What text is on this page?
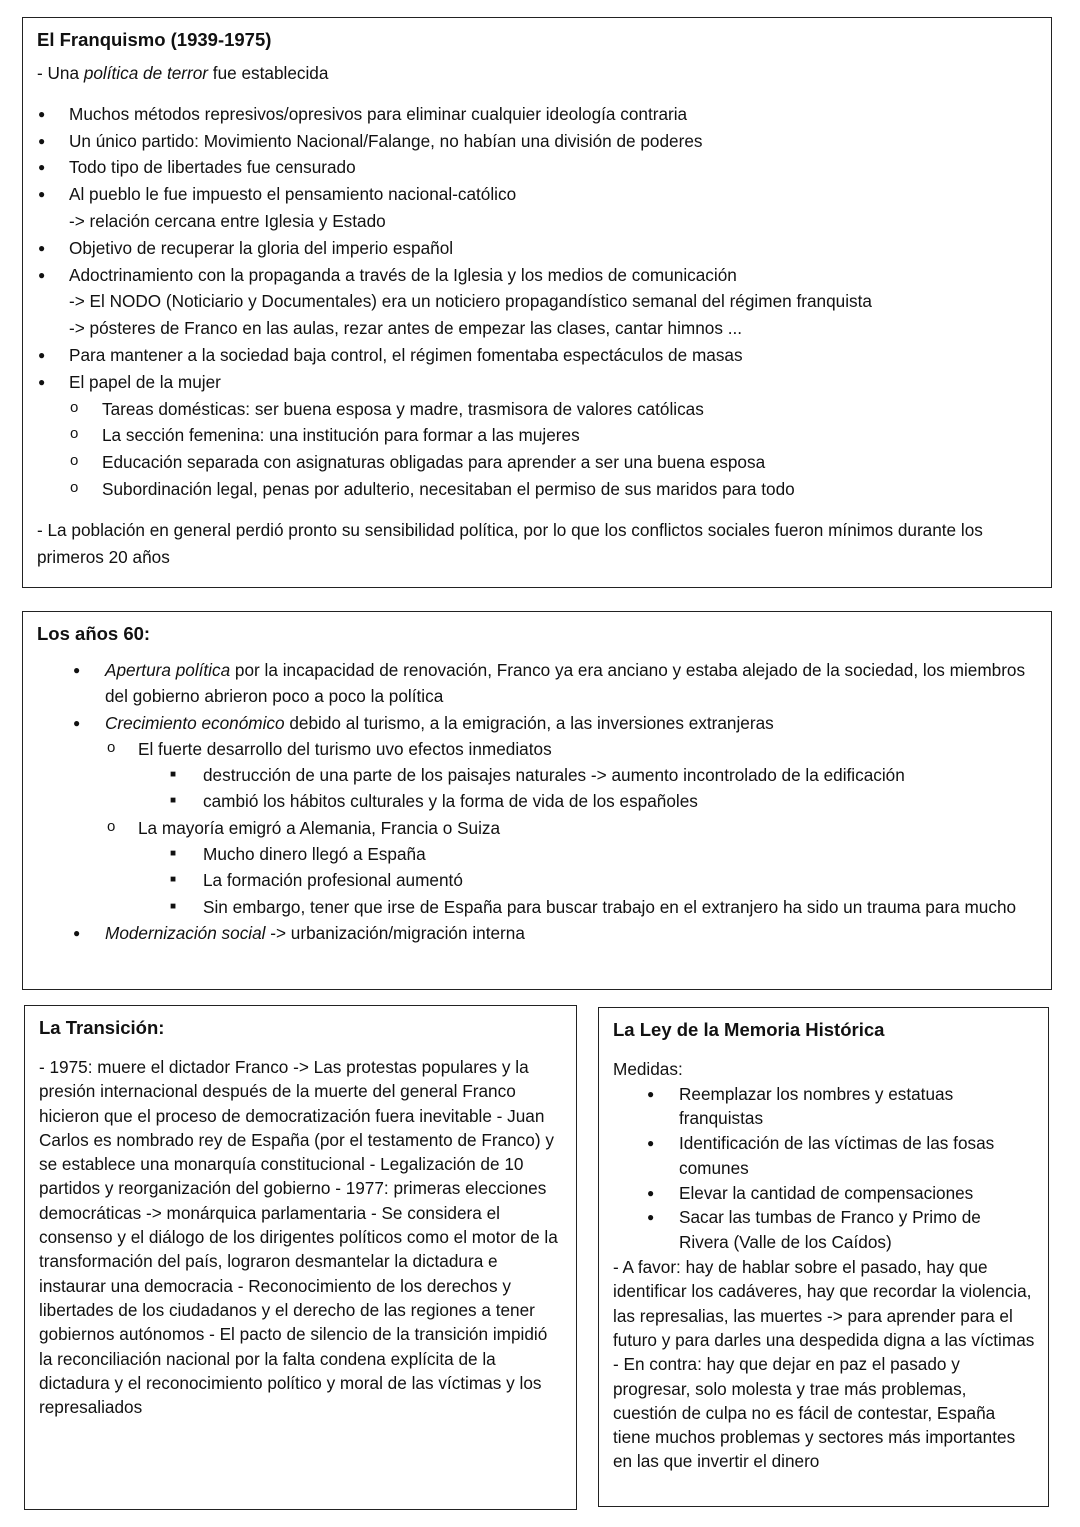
El Franquismo (1939-1975)
- Una política de terror fue establecida
● Muchos métodos represivos/opresivos para eliminar cualquier ideología contraria
● Un único partido: Movimiento Nacional/Falange, no habían una división de poderes
● Todo tipo de libertades fue censurado
● Al pueblo le fue impuesto el pensamiento nacional-católico
-> relación cercana entre Iglesia y Estado
● Objetivo de recuperar la gloria del imperio español
● Adoctrinamiento con la propaganda a través de la Iglesia y los medios de comunicación
-> El NODO (Noticiario y Documentales) era un noticiero propagandístico semanal del régimen franquista
-> pósteres de Franco en las aulas, rezar antes de empezar las clases, cantar himnos ...
● Para mantener a la sociedad baja control, el régimen fomentaba espectáculos de masas
● El papel de la mujer
o Tareas domésticas: ser buena esposa y madre, trasmisora de valores católicas
o La sección femenina: una institución para formar a las mujeres
o Educación separada con asignaturas obligadas para aprender a ser una buena esposa
o Subordinación legal, penas por adulterio, necesitaban el permiso de sus maridos para todo
- La población en general perdió pronto su sensibilidad política, por lo que los conflictos sociales fueron mínimos durante los primeros 20 años
Los años 60:
● Apertura política por la incapacidad de renovación, Franco ya era anciano y estaba alejado de la sociedad, los miembros del gobierno abrieron poco a poco la política
● Crecimiento económico debido al turismo, a la emigración, a las inversiones extranjeras
o El fuerte desarrollo del turismo uvo efectos inmediatos
■ destrucción de una parte de los paisajes naturales -> aumento incontrolado de la edificación
■ cambió los hábitos culturales y la forma de vida de los españoles
o La mayoría emigró a Alemania, Francia o Suiza
■ Mucho dinero llegó a España
■ La formación profesional aumentó
■ Sin embargo, tener que irse de España para buscar trabajo en el extranjero ha sido un trauma para mucho
● Modernización social -> urbanización/migración interna
La Transición:
- 1975: muere el dictador Franco -> Las protestas populares y la presión internacional después de la muerte del general Franco hicieron que el proceso de democratización fuera inevitable - Juan Carlos es nombrado rey de España (por el testamento de Franco) y se establece una monarquía constitucional - Legalización de 10 partidos y reorganización del gobierno - 1977: primeras elecciones democráticas -> monárquica parlamentaria - Se considera el consenso y el diálogo de los dirigentes políticos como el motor de la transformación del país, lograron desmantelar la dictadura e instaurar una democracia - Reconocimiento de los derechos y libertades de los ciudadanos y el derecho de las regiones a tener gobiernos autónomos - El pacto de silencio de la transición impidió la reconciliación nacional por la falta condena explícita de la dictadura y el reconocimiento político y moral de las víctimas y los represaliados
La Ley de la Memoria Histórica
Medidas:
● Reemplazar los nombres y estatuas franquistas
● Identificación de las víctimas de las fosas comunes
● Elevar la cantidad de compensaciones
● Sacar las tumbas de Franco y Primo de Rivera (Valle de los Caídos)
- A favor: hay de hablar sobre el pasado, hay que identificar los cadáveres, hay que recordar la violencia, las represalias, las muertes -> para aprender para el futuro y para darles una despedida digna a las víctimas
- En contra: hay que dejar en paz el pasado y progresar, solo molesta y trae más problemas, cuestión de culpa no es fácil de contestar, España tiene muchos problemas y sectores más importantes en las que invertir el dinero
